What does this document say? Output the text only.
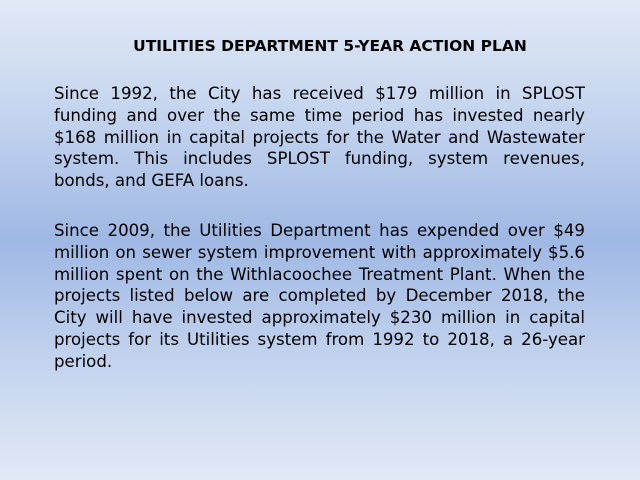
UTILITIES DEPARTMENT 5-YEAR ACTION PLAN

Since 1992, the City has received $179 million in SPLOST funding and over the same time period has invested nearly $168 million in capital projects for the Water and Wastewater system. This includes SPLOST funding, system revenues, bonds, and GEFA loans.

Since 2009, the Utilities Department has expended over $49 million on sewer system improvement with approximately $5.6 million spent on the Withlacoochee Treatment Plant. When the projects listed below are completed by December 2018, the City will have invested approximately $230 million in capital projects for its Utilities system from 1992 to 2018, a 26-year period.
